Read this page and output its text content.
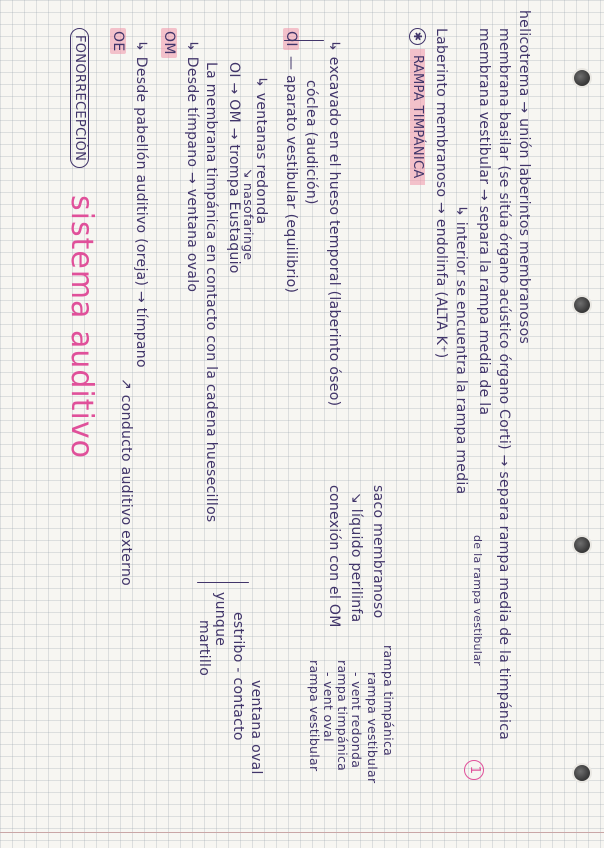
FONORRECEPCIÓN
sistema auditivo
OE ↳ Desde pabellón auditivo (oreja) → tímpano
↗ conducto auditivo externo
OM ↳ Desde tímpano → ventana ovalo La membrana timpánica en contacto con la cadena huesecillos
martillo
yunque estribo - contacto ventana oval
OI → OM → trompa Eustaquio ↘ nasofaringe
↳ ventanas redonda
OI
— aparato vestibular (equilibrio) cóclea (audición) ↳ excavado en el hueso temporal (laberinto óseo)
conexión con el OM
rampa vestibular - vent oval rampa timpánica - vent redonda
↘ líquido perilinfa saco membranoso
rampa vestibular rampa timpánica
✱RAMPA TIMPÁNICA Laberinto membranoso → endolinfa (ALTA K⁺) ↳ interior se encuentra la rampa media
de la rampa vestibular
membrana vestibular → separa la rampa media de la membrana basilar (se sitúa órgano acústico órgano Corti) → separa rampa media de la timpánica helicotrema → unión laberintos membranosos
1
